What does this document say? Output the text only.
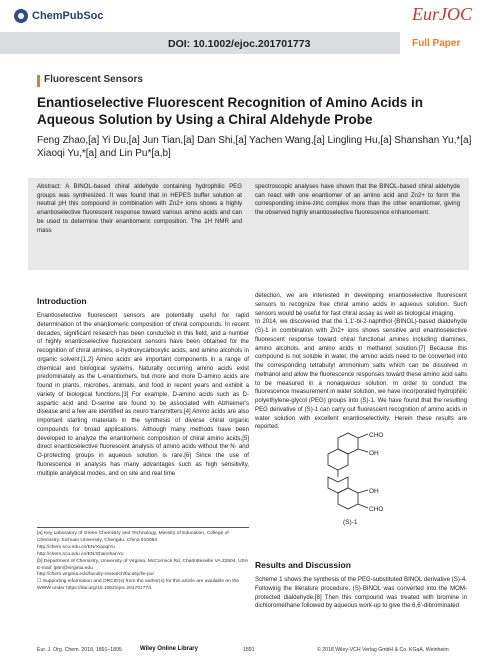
ChemPubSoc
Europe
DOI: 10.1002/ejoc.201701773
EurJOC
Full Paper
Fluorescent Sensors
Enantioselective Fluorescent Recognition of Amino Acids in Aqueous Solution by Using a Chiral Aldehyde Probe
Feng Zhao,[a] Yi Du,[a] Jun Tian,[a] Dan Shi,[a] Yachen Wang,[a] Lingling Hu,[a] Shanshan Yu,*[a] Xiaoqi Yu,*[a] and Lin Pu*[a,b]
Abstract: A BINOL-based chiral aldehyde containing hydrophilic PEG groups was synthesized. It was found that in HEPES buffer solution at neutral pH this compound in combination with Zn2+ ions shows a highly enantioselective fluorescent response toward various amino acids and can be used to determine their enantiomeric composition. The 1H NMR and mass
spectroscopic analyses have shown that the BINOL-based chiral aldehyde can react with one enantiomer of an amino acid and Zn2+ to form the corresponding imine-zinc complex more than the other enantiomer, giving the observed highly enantioselective fluorescence enhancement.
Introduction
Enantioselective fluorescent sensors are potentially useful for rapid determination of the enantiomeric composition of chiral compounds. In recent decades, significant research has been conducted in this field, and a number of highly enantioselective fluorescent sensors have been obtained for the recognition of chiral amines, α-hydroxycarboxylic acids, and amino alcohols in organic solvent.[1,2] Amino acids are important components in a range of chemical and biological systems. Naturally occurring amino acids exist predominately as the L-enantiomers, but more and more D-amino acids are found in plants, microbes, animals, and food in recent years and exhibit a variety of biological functions.[3] For example, D-amino acids such as D-aspartic acid and D-serine are found to be associated with Alzheimer's disease and a few are identified as neuro transmitters.[4] Amino acids are also important starting materials in the synthesis of diverse chiral organic compounds for broad applications. Although many methods have been developed to analyze the enantiomeric composition of chiral amino acids,[5] direct enantioselective fluorescent analysis of amino acids without the N- and O-protecting groups in aqueous solution is rare.[6] Since the use of fluorescence in analysis has many advantages such as high sensitivity, multiple analytical modes, and on site and real time
detection, we are interested in developing enantioselective fluorescent sensors to recognize free chiral amino acids in aqueous solution. Such sensors would be useful for fast chiral assay as well as biological imaging.
In 2014, we discovered that the 1,1'-bi-2-naphthol (BINOL)-based dialdehyde (S)-1 in combination with Zn2+ ions shows sensitive and enantioselective fluorescent response toward chiral functional amines including diamines, amino alcohols, and amino acids in methanol solution.[7] Because this compound is not soluble in water, the amino acids need to be converted into the corresponding tetrabutyl ammonium salts which can be dissolved in methanol and allow the fluorescence responses toward these amino acid salts to be measured in a nonaqueous solution. In order to conduct the fluorescence measurement in water solution, we have incorporated hydrophilic polyethylene-glycol (PEG) groups into (S)-1. We have found that the resulting PEG derivative of (S)-1 can carry out fluorescent recognition of amino acids in water solution with excellent enantioselectivity. Herein these results are reported.
CHO
OH
OH
CHO
(S)-1
Results and Discussion
Scheme 1 shows the synthesis of the PEG-substituted BINOL derivative (S)-4. Following the literature procedure, (S)-BINOL was converted into the MOM-protected dialdehyde.[8] Then this compound was treated with bromine in dichloromethane followed by aqueous work-up to give the 6,6'-dibrominated
[a] Key Laboratory of Green Chemistry and Technology, Ministry of Education, College of Chemistry, Sichuan University, Chengdu, China 610064
http://chem.scu.edu.cn/EN/XiaoqiYu
http://chem.scu.edu.cn/EN/ShanshanYu
[b] Department of Chemistry, University of Virginia, McCormick Rd, Charlottesville VA 22904, USA
E-mail: lp6n@virginia.edu
http://chem.virginia.edu/faculty-research/faculty/lin-pu/
☐ Supporting information and ORCID(s) from the author(s) for this article are available on the WWW under https://doi.org/10.1002/ejoc.201701773.
Eur. J. Org. Chem. 2018, 1891–1895	Wiley Online Library	1891	© 2018 Wiley-VCH Verlag GmbH & Co. KGaA, Weinheim
